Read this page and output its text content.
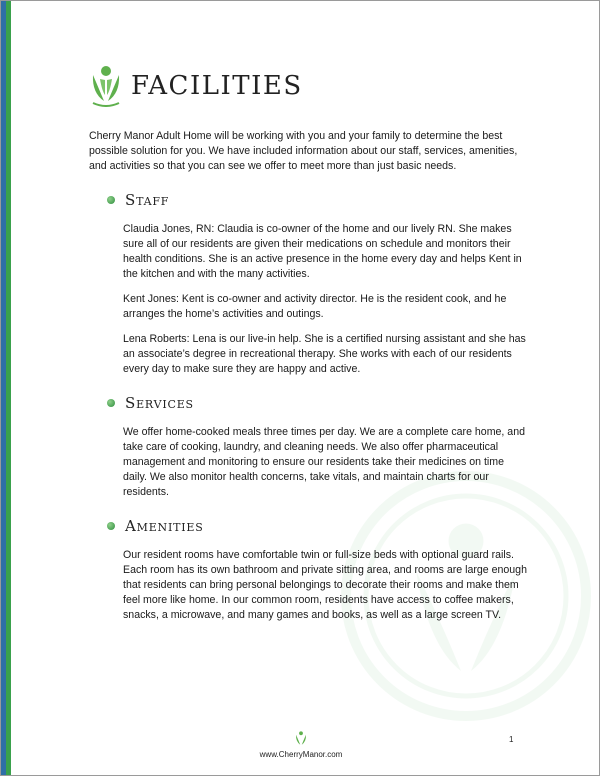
FACILITIES

Cherry Manor Adult Home will be working with you and your family to determine the best possible solution for you. We have included information about our staff, services, amenities, and activities so that you can see we offer to meet more than just basic needs.

Staff

Claudia Jones, RN: Claudia is co-owner of the home and our lively RN. She makes sure all of our residents are given their medications on schedule and monitors their health conditions. She is an active presence in the home every day and helps Kent in the kitchen and with the many activities.

Kent Jones: Kent is co-owner and activity director. He is the resident cook, and he arranges the home’s activities and outings.

Lena Roberts: Lena is our live-in help. She is a certified nursing assistant and she has an associate’s degree in recreational therapy. She works with each of our residents every day to make sure they are happy and active.

Services

We offer home-cooked meals three times per day. We are a complete care home, and take care of cooking, laundry, and cleaning needs. We also offer pharmaceutical management and monitoring to ensure our residents take their medicines on time daily. We also monitor health concerns, take vitals, and maintain charts for our residents.

Amenities

Our resident rooms have comfortable twin or full-size beds with optional guard rails. Each room has its own bathroom and private sitting area, and rooms are large enough that residents can bring personal belongings to decorate their rooms and make them feel more like home. In our common room, residents have access to coffee makers, snacks, a microwave, and many games and books, as well as a large screen TV.

www.CherryManor.com
1
